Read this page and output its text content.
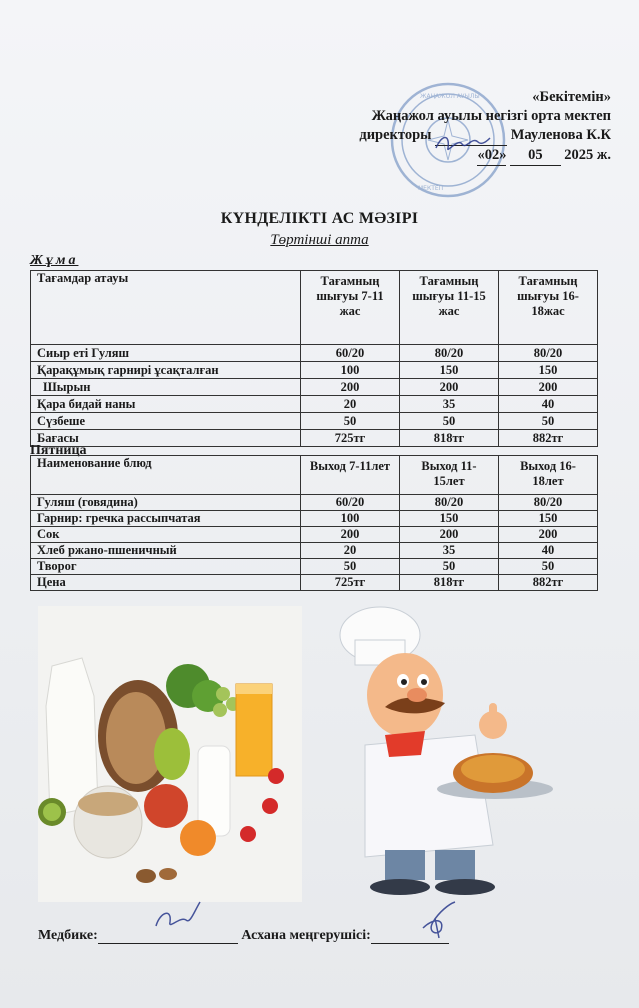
ЖАҢАЖОЛ АУЫЛЫ
МЕКТЕП
«Бекітемін»
Жаңажол ауылы негізгі орта мектеп
директоры	Мауленова К.К
«02» 05 2025 ж.
КҮНДЕЛІКТІ АС МӘЗІРІ
Төртінші апта
Жұма
Тағамдар атауы	Тағамның шығуы 7-11 жас	Тағамның шығуы 11-15 жас	Тағамның шығуы 16-18жас
Сиыр еті Гуляш	60/20	80/20	80/20
Қарақұмық гарнирі ұсақталған	100	150	150
Шырын	200	200	200
Қара бидай наны	20	35	40
Сүзбеше	50	50	50
Бағасы	725тг	818тг	882тг
Пятница
Наименование блюд	Выход 7-11лет	Выход 11-15лет	Выход 16-18лет
Гуляш (говядина)	60/20	80/20	80/20
Гарнир: гречка рассыпчатая	100	150	150
Сок	200	200	200
Хлеб ржано-пшеничный	20	35	40
Творог	50	50	50
Цена	725тг	818тг	882тг
Медбике:	Асхана меңгерушісі:
